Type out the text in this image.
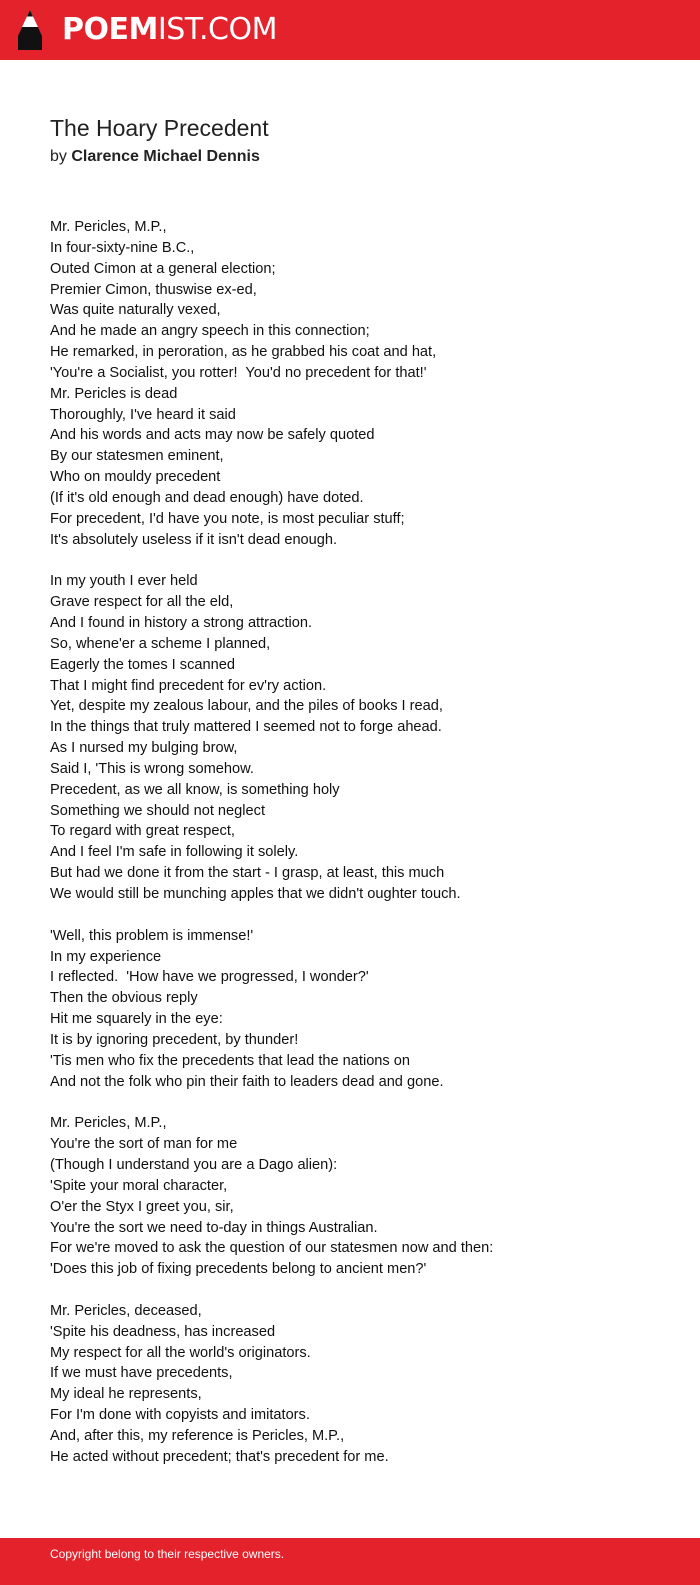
POEMIST.COM
The Hoary Precedent
by Clarence Michael Dennis
Mr. Pericles, M.P.,
In four-sixty-nine B.C.,
Outed Cimon at a general election;
Premier Cimon, thuswise ex-ed,
Was quite naturally vexed,
And he made an angry speech in this connection;
He remarked, in peroration, as he grabbed his coat and hat,
'You're a Socialist, you rotter!  You'd no precedent for that!'
Mr. Pericles is dead
Thoroughly, I've heard it said
And his words and acts may now be safely quoted
By our statesmen eminent,
Who on mouldy precedent
(If it's old enough and dead enough) have doted.
For precedent, I'd have you note, is most peculiar stuff;
It's absolutely useless if it isn't dead enough.
In my youth I ever held
Grave respect for all the eld,
And I found in history a strong attraction.
So, whene'er a scheme I planned,
Eagerly the tomes I scanned
That I might find precedent for ev'ry action.
Yet, despite my zealous labour, and the piles of books I read,
In the things that truly mattered I seemed not to forge ahead.
As I nursed my bulging brow,
Said I, 'This is wrong somehow.
Precedent, as we all know, is something holy
Something we should not neglect
To regard with great respect,
And I feel I'm safe in following it solely.
But had we done it from the start - I grasp, at least, this much
We would still be munching apples that we didn't oughter touch.
'Well, this problem is immense!'
In my experience
I reflected.  'How have we progressed, I wonder?'
Then the obvious reply
Hit me squarely in the eye:
It is by ignoring precedent, by thunder!
'Tis men who fix the precedents that lead the nations on
And not the folk who pin their faith to leaders dead and gone.
Mr. Pericles, M.P.,
You're the sort of man for me
(Though I understand you are a Dago alien):
'Spite your moral character,
O'er the Styx I greet you, sir,
You're the sort we need to-day in things Australian.
For we're moved to ask the question of our statesmen now and then:
'Does this job of fixing precedents belong to ancient men?'
Mr. Pericles, deceased,
'Spite his deadness, has increased
My respect for all the world's originators.
If we must have precedents,
My ideal he represents,
For I'm done with copyists and imitators.
And, after this, my reference is Pericles, M.P.,
He acted without precedent; that's precedent for me.
Copyright belong to their respective owners.
